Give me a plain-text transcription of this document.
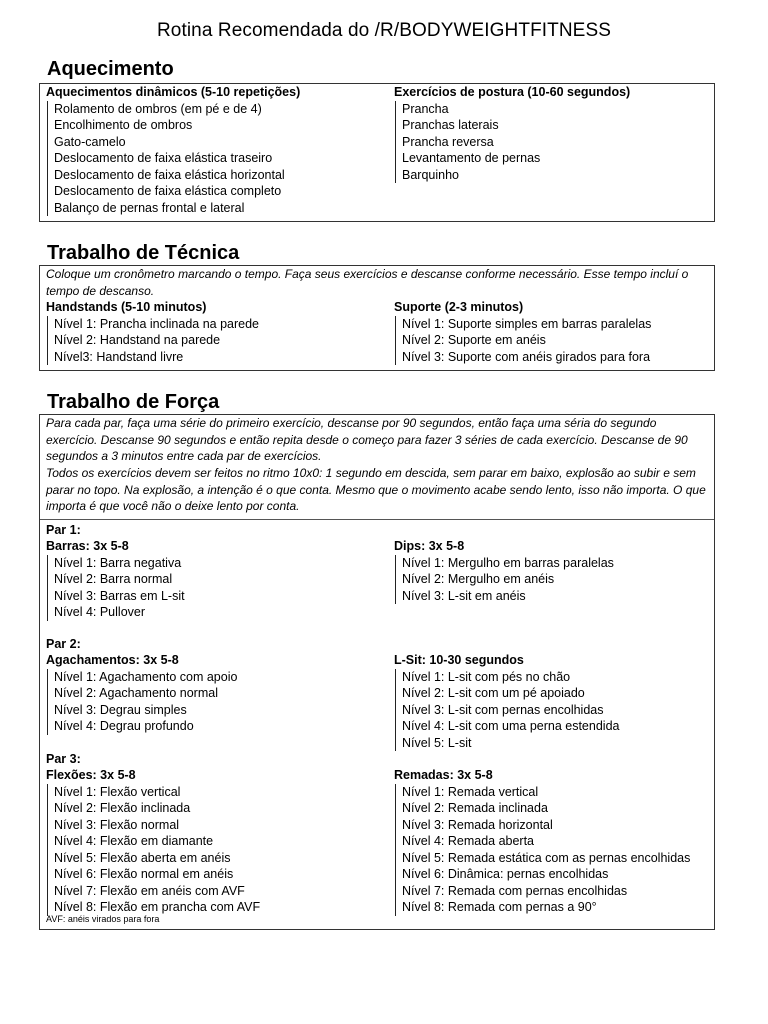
Rotina Recomendada do /R/BODYWEIGHTFITNESS
Aquecimento
Aquecimentos dinâmicos (5-10 repetições)
Rolamento de ombros (em pé e de 4)
Encolhimento de ombros
Gato-camelo
Deslocamento de faixa elástica traseiro
Deslocamento de faixa elástica horizontal
Deslocamento de faixa elástica completo
Balanço de pernas frontal e lateral
Exercícios de postura (10-60 segundos)
Prancha
Pranchas laterais
Prancha reversa
Levantamento de pernas
Barquinho
Trabalho de Técnica
Coloque um cronômetro marcando o tempo. Faça seus exercícios e descanse conforme necessário. Esse tempo incluí o tempo de descanso.
Handstands (5-10 minutos)
Nível 1: Prancha inclinada na parede
Nível 2: Handstand na parede
Nível3: Handstand livre
Suporte (2-3 minutos)
Nível 1: Suporte simples em barras paralelas
Nível 2: Suporte em anéis
Nível 3: Suporte com anéis girados para fora
Trabalho de Força
Para cada par, faça uma série do primeiro exercício, descanse por 90 segundos, então faça uma séria do segundo exercício. Descanse 90 segundos e então repita desde o começo para fazer 3 séries de cada exercício. Descanse de 90 segundos a 3 minutos entre cada par de exercícios.
Todos os exercícios devem ser feitos no ritmo 10x0: 1 segundo em descida, sem parar em baixo, explosão ao subir e sem parar no topo. Na explosão, a intenção é o que conta. Mesmo que o movimento acabe sendo lento, isso não importa. O que importa é que você não o deixe lento por conta.
Par 1:
Barras: 3x 5-8
Nível 1: Barra negativa
Nível 2: Barra normal
Nível 3: Barras em L-sit
Nível 4: Pullover
Dips: 3x 5-8
Nível 1: Mergulho em barras paralelas
Nível 2: Mergulho em anéis
Nível 3: L-sit em anéis
Par 2:
Agachamentos: 3x 5-8
Nível 1: Agachamento com apoio
Nível 2: Agachamento normal
Nível 3: Degrau simples
Nível 4: Degrau profundo
L-Sit: 10-30 segundos
Nível 1: L-sit com pés no chão
Nível 2: L-sit com um pé apoiado
Nível 3: L-sit com pernas encolhidas
Nível 4: L-sit com uma perna estendida
Nível 5: L-sit
Par 3:
Flexões: 3x 5-8
Nível 1: Flexão vertical
Nível 2: Flexão inclinada
Nível 3: Flexão normal
Nível 4: Flexão em diamante
Nível 5: Flexão aberta em anéis
Nível 6: Flexão normal em anéis
Nível 7: Flexão em anéis com AVF
Nível 8: Flexão em prancha com AVF
Remadas: 3x 5-8
Nível 1: Remada vertical
Nível 2: Remada inclinada
Nível 3: Remada horizontal
Nível 4: Remada aberta
Nível 5: Remada estática com as pernas encolhidas
Nível 6: Dinâmica: pernas encolhidas
Nível 7: Remada com pernas encolhidas
Nível 8: Remada com pernas a 90°
AVF: anéis virados para fora
